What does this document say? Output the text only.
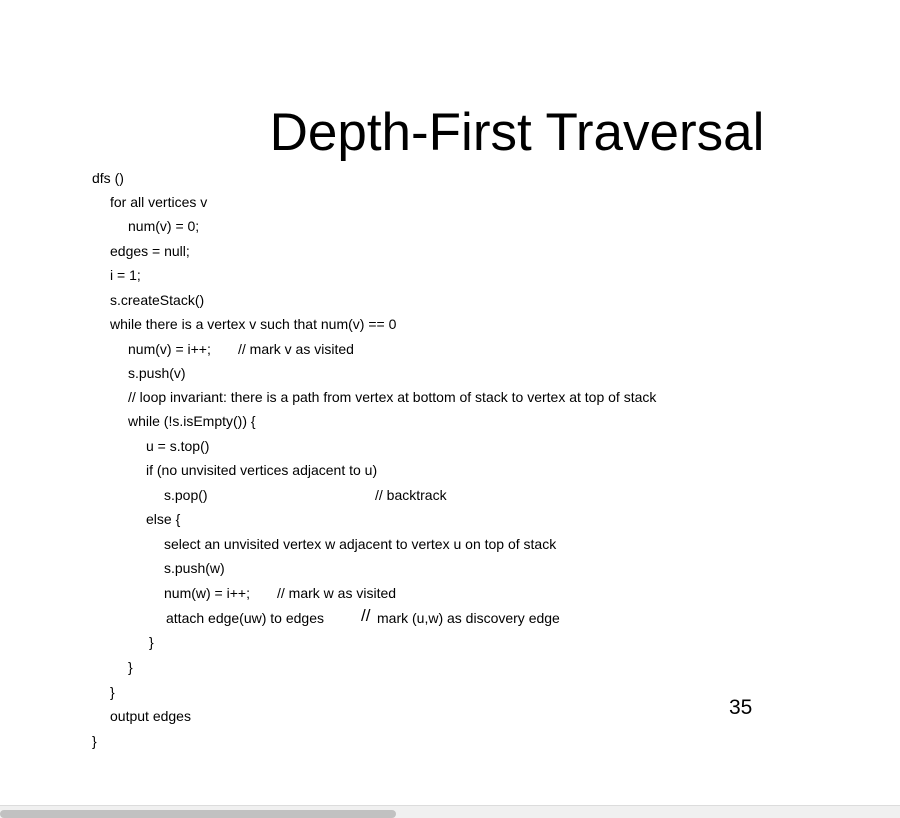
Depth-First Traversal
dfs ()
for all vertices v
num(v) = 0;
edges = null;
i = 1;
s.createStack()
while there is a vertex v such that num(v) == 0

num(v) = i++;

// mark v as visited

s.push(v)
// loop invariant: there is a path from vertex at bottom of stack to vertex at top of stack
while (!s.isEmpty()) {
u = s.top()
if (no unvisited vertices adjacent to u)

s.pop()

	// backtrack

else {
select an unvisited vertex w adjacent to vertex u on top of stack
s.push(w)

num(w) = i++;

// mark w as visited

attach edge(uw) to edges

//

mark (u,w) as discovery edge

}
}
}
output edges
}
35
